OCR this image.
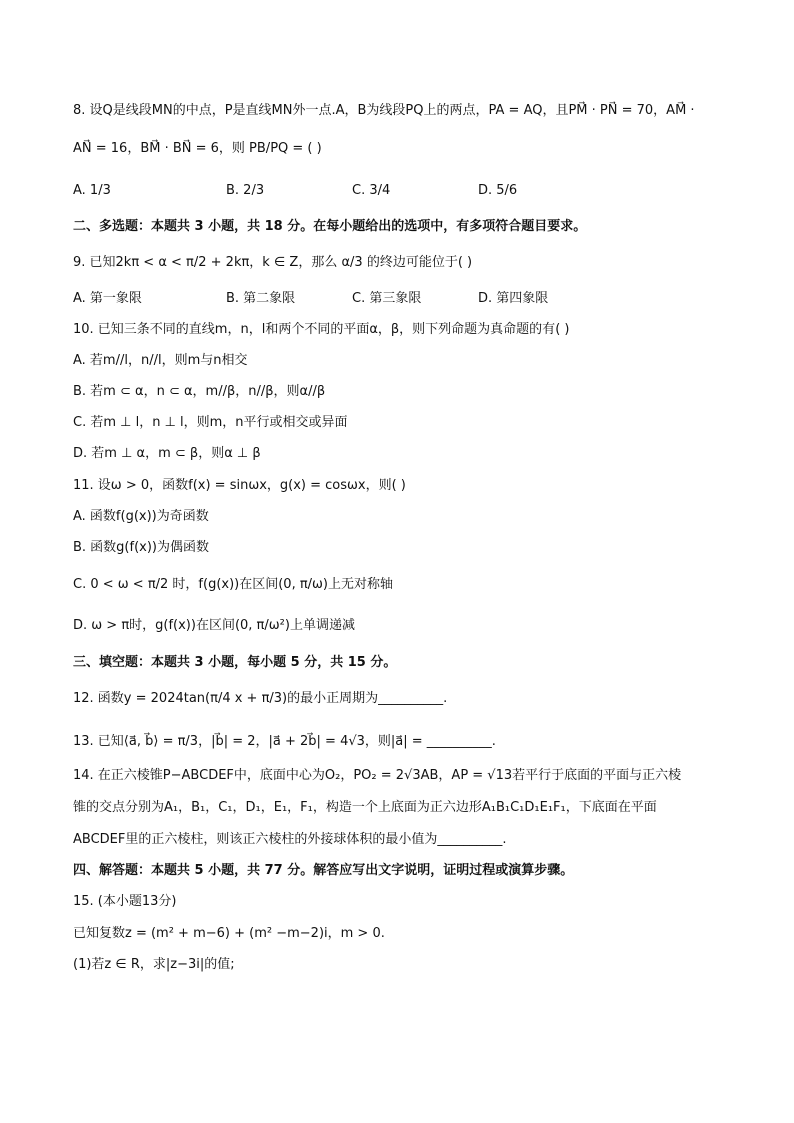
8. 设Q是线段MN的中点，P是直线MN外一点.A，B为线段PQ上的两点，PA = AQ，且PM⃗ · PN⃗ = 70，AM⃗ ·
AN⃗ = 16，BM⃗ · BN⃗ = 6，则 PB/PQ = ( )
A. 1/3	B. 2/3	C. 3/4	D. 5/6
二、多选题：本题共 3 小题，共 18 分。在每小题给出的选项中，有多项符合题目要求。
9. 已知2kπ < α < π/2 + 2kπ，k ∈ Z，那么 α/3 的终边可能位于( )
A. 第一象限	B. 第二象限	C. 第三象限	D. 第四象限
10. 已知三条不同的直线m，n，l和两个不同的平面α，β，则下列命题为真命题的有( )
A. 若m//l，n//l，则m与n相交
B. 若m ⊂ α，n ⊂ α，m//β，n//β，则α//β
C. 若m ⊥ l，n ⊥ l，则m，n平行或相交或异面
D. 若m ⊥ α，m ⊂ β，则α ⊥ β
11. 设ω > 0，函数f(x) = sinωx，g(x) = cosωx，则( )
A. 函数f(g(x))为奇函数
B. 函数g(f(x))为偶函数
C. 0 < ω < π/2 时，f(g(x))在区间(0, π/ω)上无对称轴
D. ω > π时，g(f(x))在区间(0, π/ω²)上单调递减
三、填空题：本题共 3 小题，每小题 5 分，共 15 分。
12. 函数y = 2024tan(π/4 x + π/3)的最小正周期为__________.
13. 已知⟨a⃗, b⃗⟩ = π/3，|b⃗| = 2，|a⃗ + 2b⃗| = 4√3，则|a⃗| = __________.
14. 在正六棱锥P−ABCDEF中，底面中心为O₂，PO₂ = 2√3AB，AP = √13若平行于底面的平面与正六棱
锥的交点分别为A₁，B₁，C₁，D₁，E₁，F₁，构造一个上底面为正六边形A₁B₁C₁D₁E₁F₁，下底面在平面
ABCDEF里的正六棱柱，则该正六棱柱的外接球体积的最小值为__________.
四、解答题：本题共 5 小题，共 77 分。解答应写出文字说明，证明过程或演算步骤。
15. (本小题13分)
已知复数z = (m² + m−6) + (m² −m−2)i，m > 0.
(1)若z ∈ R，求|z−3i|的值;
